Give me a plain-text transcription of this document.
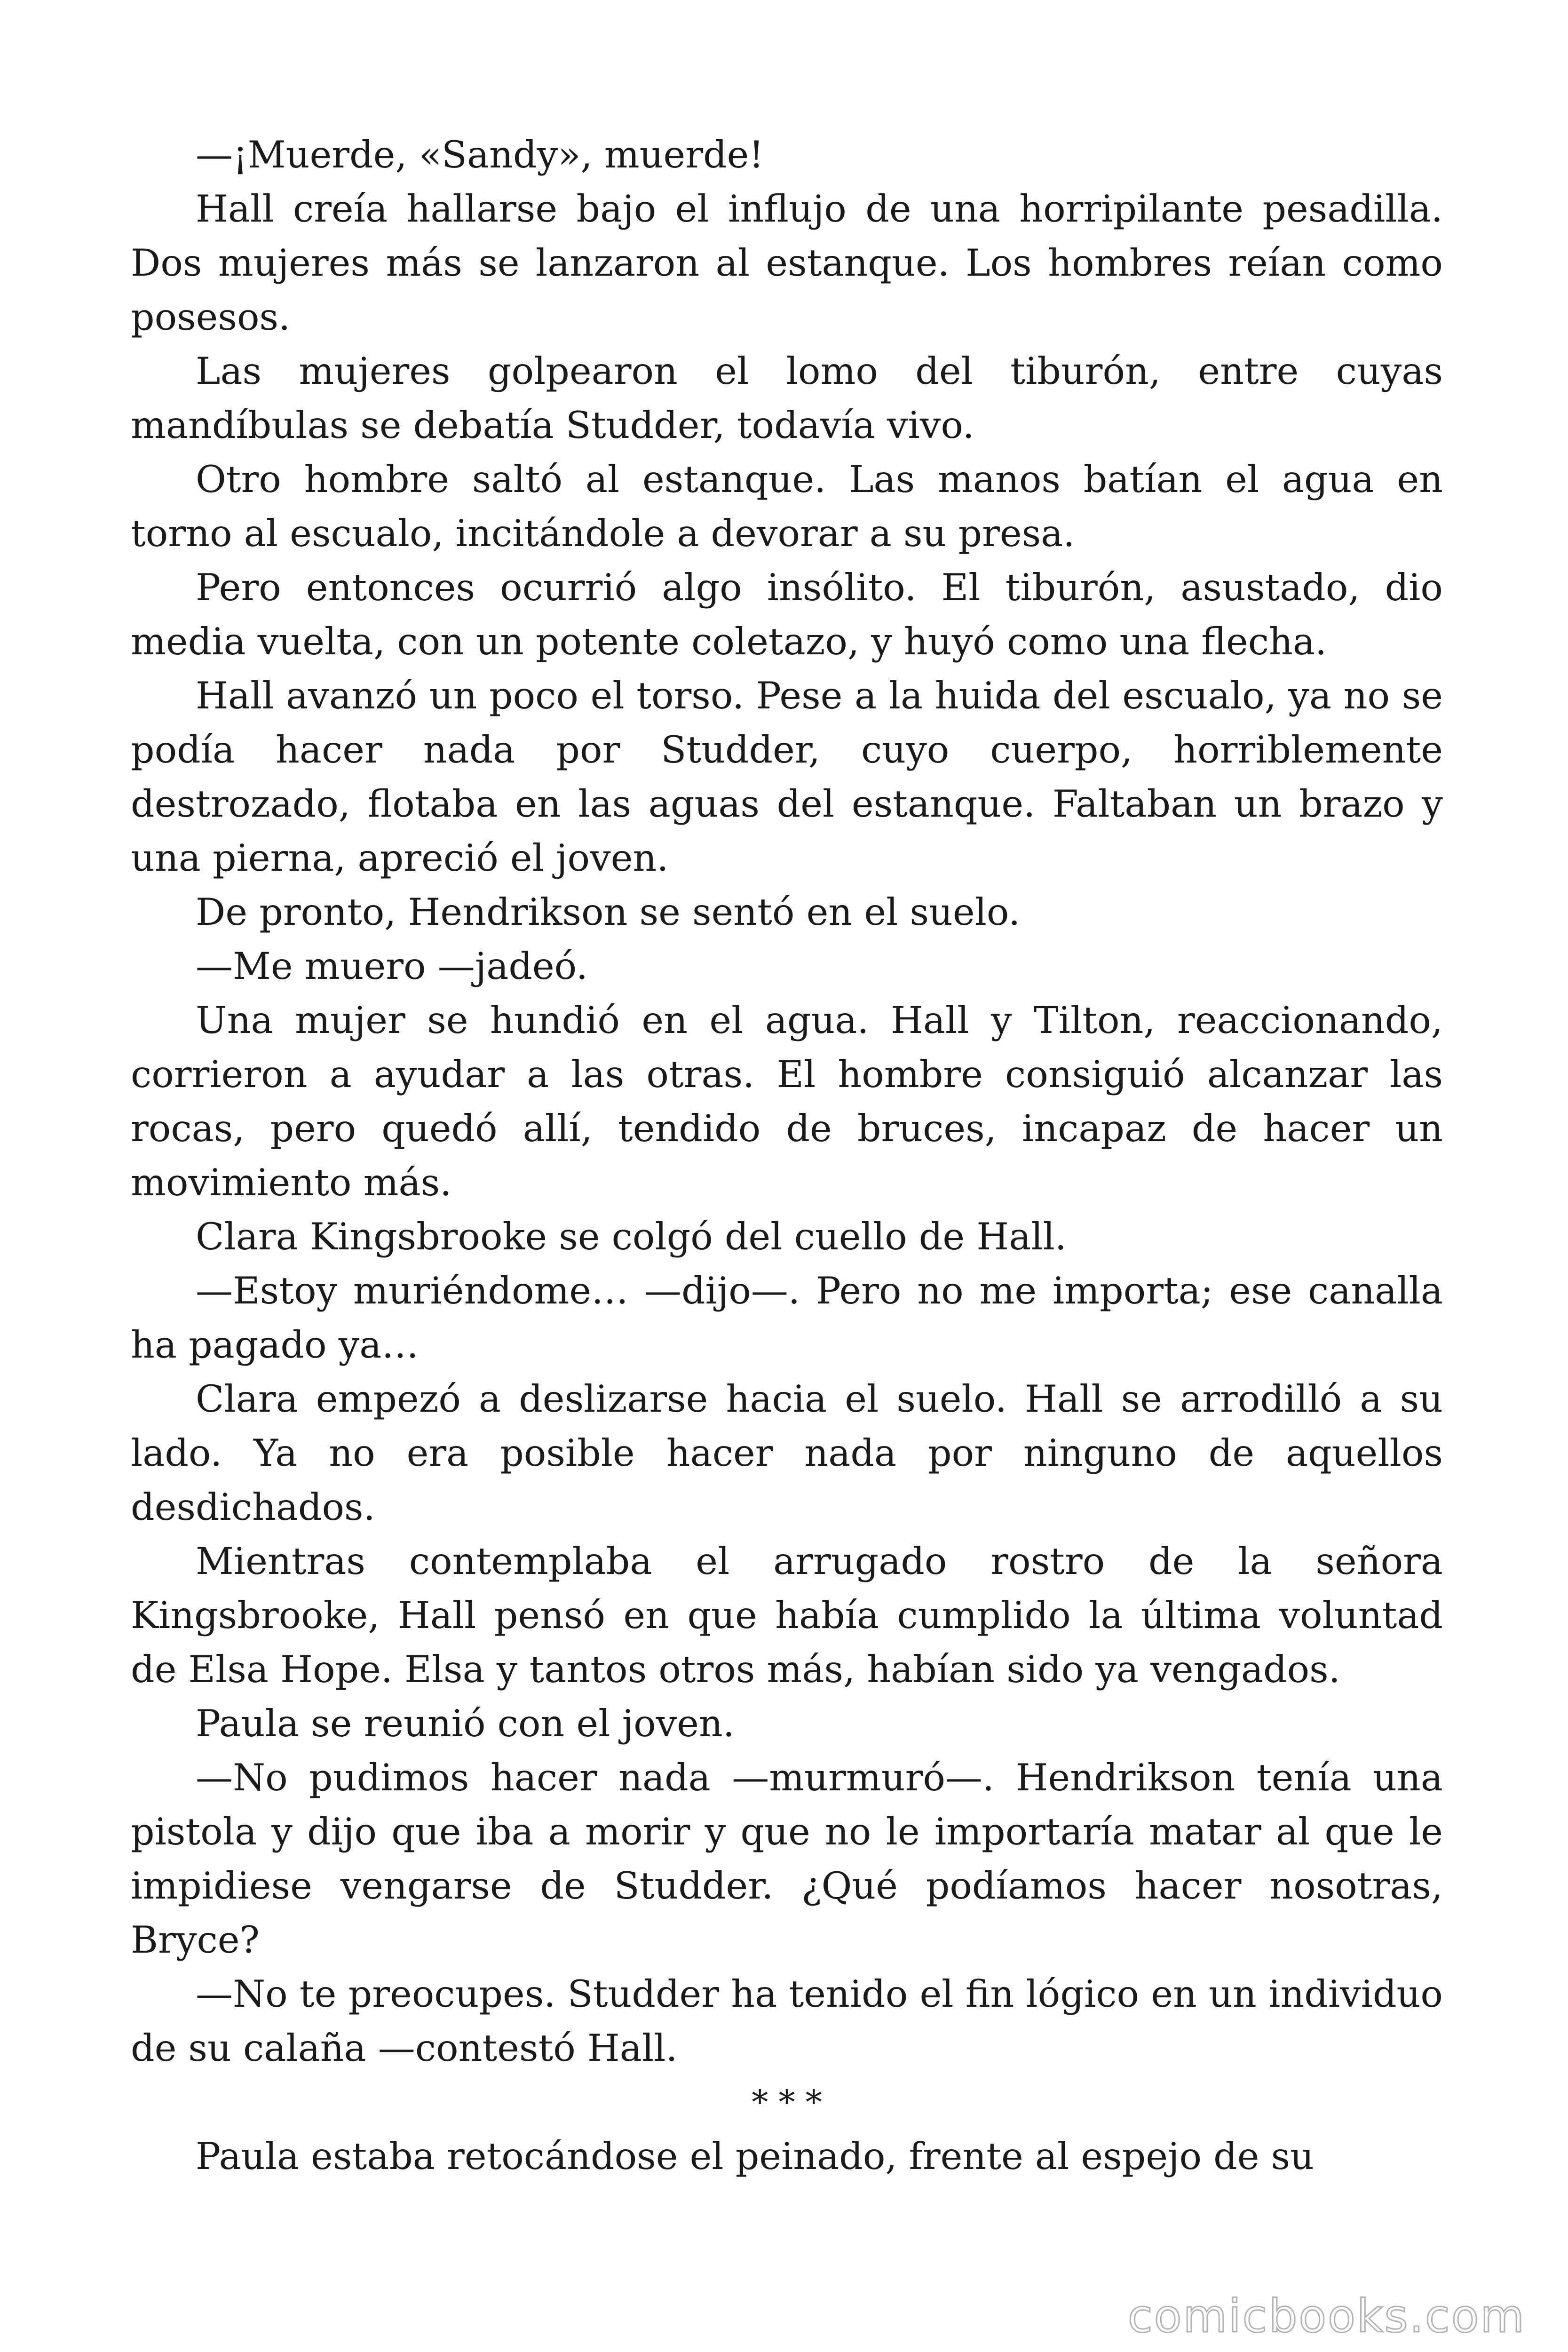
—¡Muerde, «Sandy», muerde!

Hall creía hallarse bajo el influjo de una horripilante pesadilla. Dos mujeres más se lanzaron al estanque. Los hombres reían como posesos.

Las mujeres golpearon el lomo del tiburón, entre cuyas mandíbulas se debatía Studder, todavía vivo.

Otro hombre saltó al estanque. Las manos batían el agua en torno al escualo, incitándole a devorar a su presa.

Pero entonces ocurrió algo insólito. El tiburón, asustado, dio media vuelta, con un potente coletazo, y huyó como una flecha.

Hall avanzó un poco el torso. Pese a la huida del escualo, ya no se podía hacer nada por Studder, cuyo cuerpo, horriblemente destrozado, flotaba en las aguas del estanque. Faltaban un brazo y una pierna, apreció el joven.

De pronto, Hendrikson se sentó en el suelo.

—Me muero —jadeó.

Una mujer se hundió en el agua. Hall y Tilton, reaccionando, corrieron a ayudar a las otras. El hombre consiguió alcanzar las rocas, pero quedó allí, tendido de bruces, incapaz de hacer un movimiento más.

Clara Kingsbrooke se colgó del cuello de Hall.

—Estoy muriéndome… —dijo—. Pero no me importa; ese canalla ha pagado ya…

Clara empezó a deslizarse hacia el suelo. Hall se arrodilló a su lado. Ya no era posible hacer nada por ninguno de aquellos desdichados.

Mientras contemplaba el arrugado rostro de la señora Kingsbrooke, Hall pensó en que había cumplido la última voluntad de Elsa Hope. Elsa y tantos otros más, habían sido ya vengados.

Paula se reunió con el joven.

—No pudimos hacer nada —murmuró—. Hendrikson tenía una pistola y dijo que iba a morir y que no le importaría matar al que le impidiese vengarse de Studder. ¿Qué podíamos hacer nosotras, Bryce?

—No te preocupes. Studder ha tenido el fin lógico en un individuo de su calaña —contestó Hall.

* * *

Paula estaba retocándose el peinado, frente al espejo de su

comicbooks.com
